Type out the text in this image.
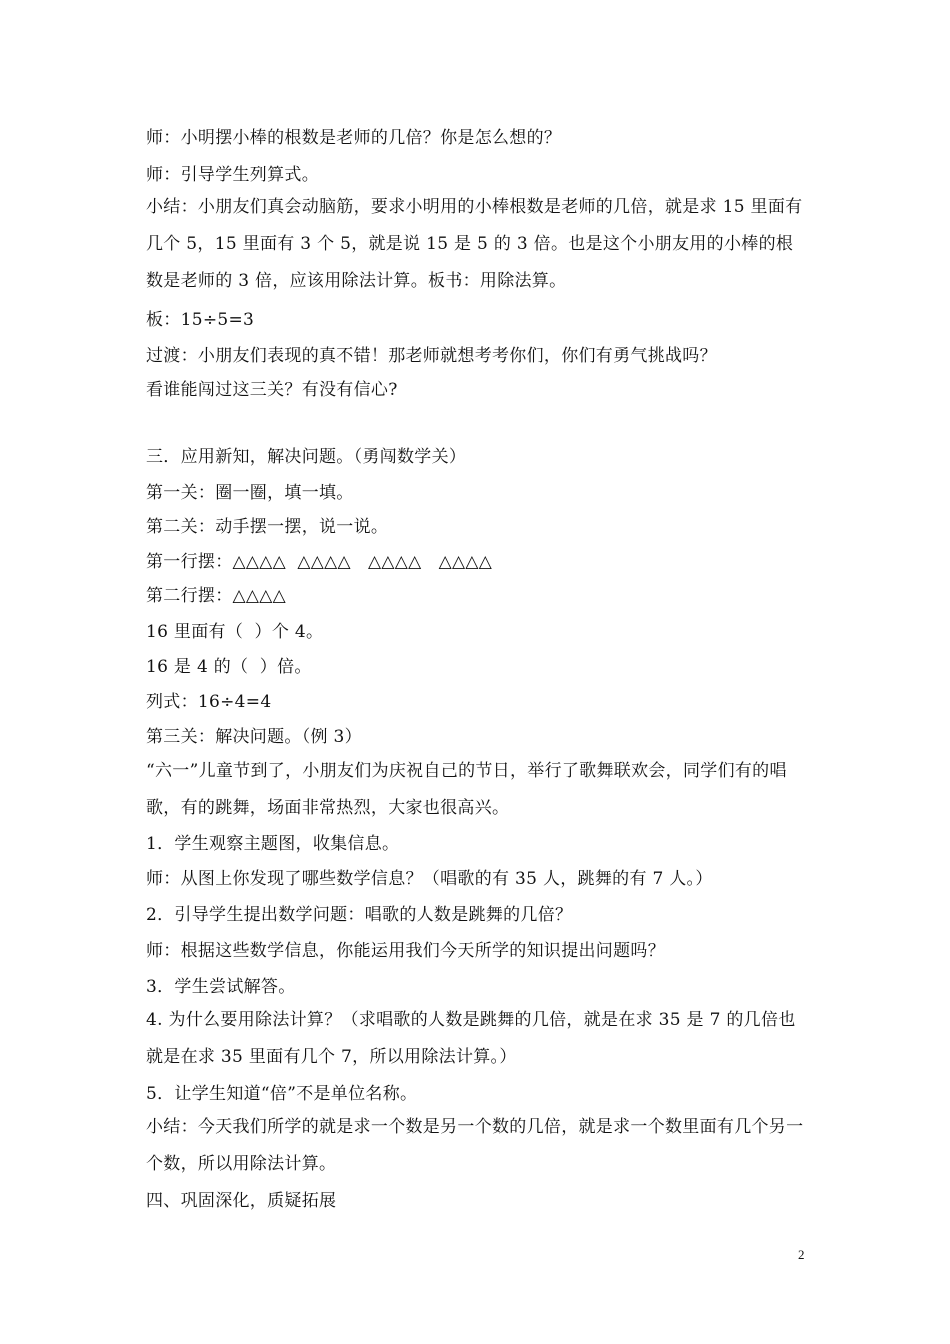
师：小明摆小棒的根数是老师的几倍？你是怎么想的？
师：引导学生列算式。
小结：小朋友们真会动脑筋，要求小明用的小棒根数是老师的几倍，就是求 15 里面有几个 5，15 里面有 3 个 5，就是说 15 是 5 的 3 倍。也是这个小朋友用的小棒的根数是老师的 3 倍，应该用除法计算。板书：用除法算。
板：15÷5=3
过渡：小朋友们表现的真不错！那老师就想考考你们，你们有勇气挑战吗？
看谁能闯过这三关？有没有信心?
三．应用新知，解决问题。（勇闯数学关）
第一关：圈一圈，填一填。
第二关：动手摆一摆，说一说。
第一行摆：△△△△  △△△△   △△△△   △△△△
第二行摆：△△△△
16 里面有（  ）个 4。
16 是 4 的（  ）倍。
列式：16÷4=4
第三关：解决问题。（例 3）
“六一”儿童节到了，小朋友们为庆祝自己的节日，举行了歌舞联欢会，同学们有的唱歌，有的跳舞，场面非常热烈，大家也很高兴。
1．学生观察主题图，收集信息。
师：从图上你发现了哪些数学信息？（唱歌的有 35 人，跳舞的有 7 人。）
2．引导学生提出数学问题：唱歌的人数是跳舞的几倍？
师：根据这些数学信息，你能运用我们今天所学的知识提出问题吗？
3．学生尝试解答。
4. 为什么要用除法计算？（求唱歌的人数是跳舞的几倍，就是在求 35 是 7 的几倍也就是在求 35 里面有几个 7，所以用除法计算。）
5．让学生知道“倍”不是单位名称。
小结：今天我们所学的就是求一个数是另一个数的几倍，就是求一个数里面有几个另一个数，所以用除法计算。
四、巩固深化，质疑拓展
2
